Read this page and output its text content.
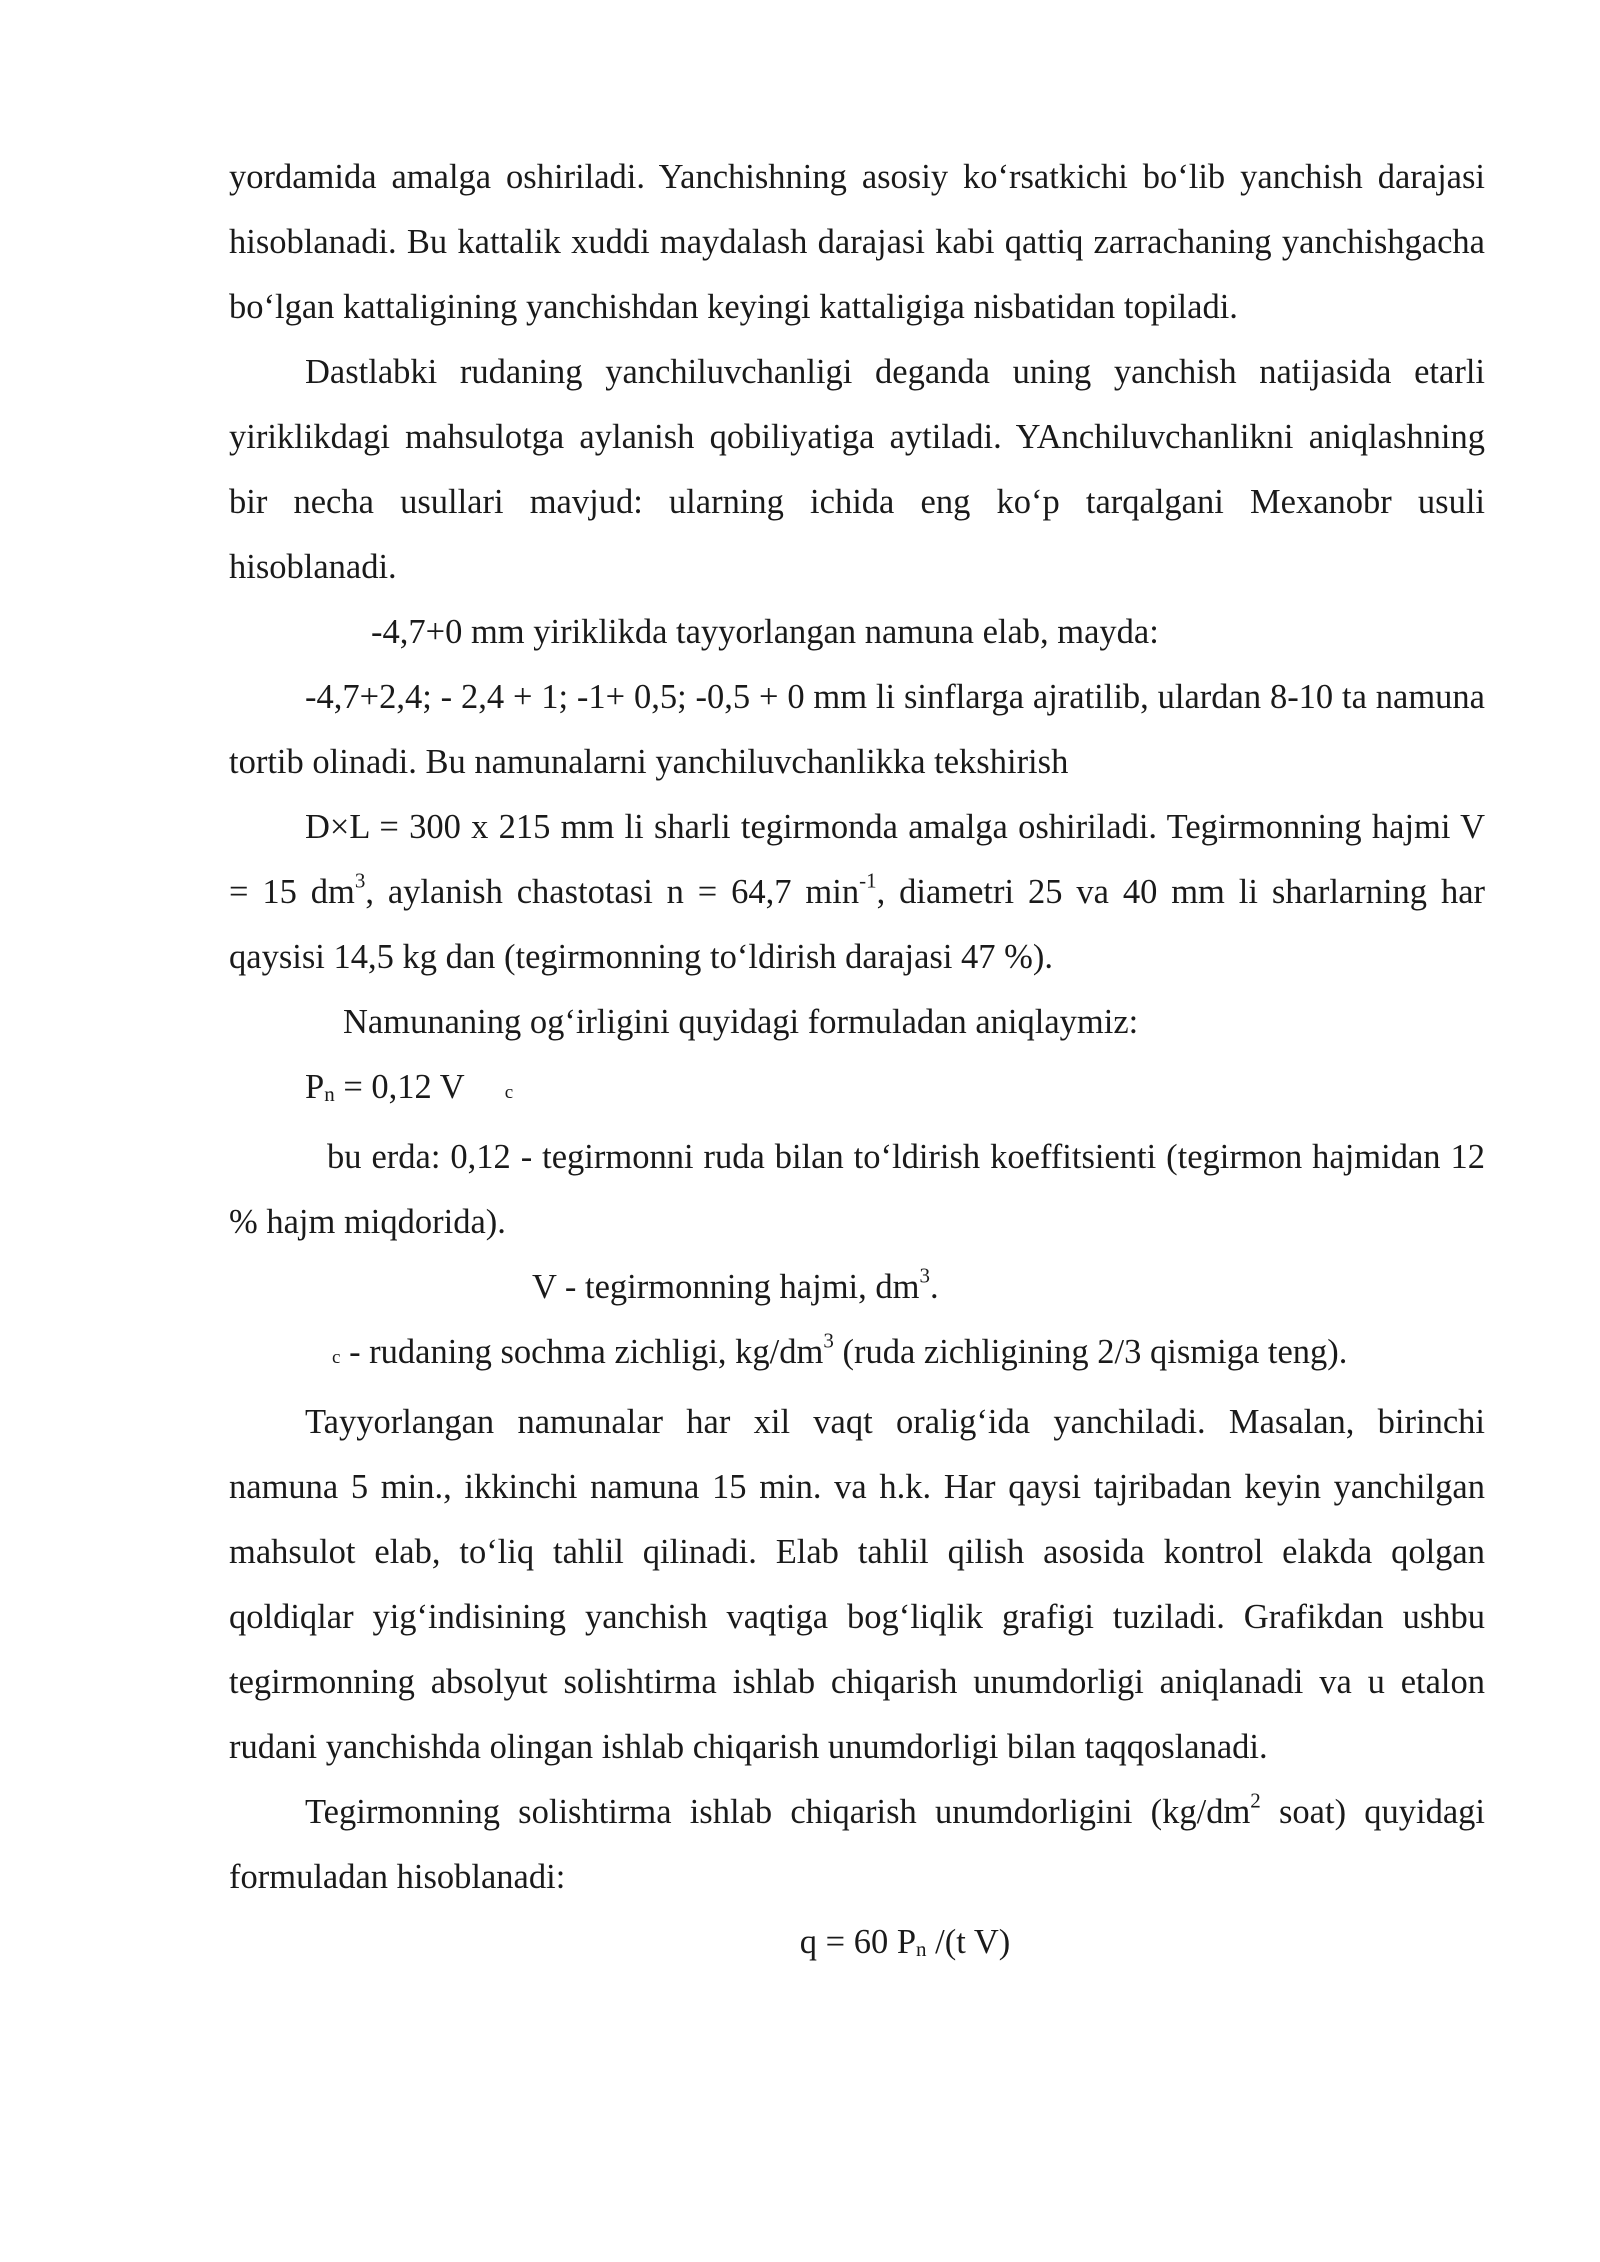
yordamida amalga oshiriladi. Yanchishning asosiy ko‘rsatkichi bo‘lib yanchish darajasi hisoblanadi. Bu kattalik xuddi maydalash darajasi kabi qattiq zarrachaning yanchishgacha bo‘lgan kattaligining yanchishdan keyingi kattaligiga nisbatidan topiladi.

Dastlabki rudaning yanchiluvchanligi deganda uning yanchish natijasida etarli yiriklikdagi mahsulotga aylanish qobiliyatiga aytiladi. YAnchiluvchanlikni aniqlashning bir necha usullari mavjud: ularning ichida eng ko‘p tarqalgani Mexanobr usuli hisoblanadi.

-4,7+0 mm yiriklikda tayyorlangan namuna elab, mayda:

-4,7+2,4; - 2,4 + 1; -1+ 0,5; -0,5 + 0 mm li sinflarga ajratilib, ulardan 8-10 ta namuna tortib olinadi. Bu namunalarni yanchiluvchanlikka tekshirish

D×L = 300 x 215 mm li sharli tegirmonda amalga oshiriladi. Tegirmonning hajmi V = 15 $dm^3$, aylanish chastotasi n = 64,7 $\min^{-1}$, diametri 25 va 40 mm li sharlarning har qaysisi 14,5 kg dan (tegirmonning to‘ldirish darajasi 47 %).

Namunaning og‘irligini quyidagi formuladan aniqlaymiz:

$P_n = 0,12$ V c

bu erda: 0,12 - tegirmonni ruda bilan to‘ldirish koeffitsienti (tegirmon hajmidan 12 % hajm miqdorida).

V - tegirmonning hajmi, $dm^3$.

c - rudaning sochma zichligi, $kg/dm^3$ (ruda zichligining 2/3 qismiga teng).

Tayyorlangan namunalar har xil vaqt oralig‘ida yanchiladi. Masalan, birinchi namuna 5 min., ikkinchi namuna 15 min. va h.k. Har qaysi tajribadan keyin yanchilgan mahsulot elab, to‘liq tahlil qilinadi. Elab tahlil qilish asosida kontrol elakda qolgan qoldiqlar yig‘indisining yanchish vaqtiga bog‘liqlik grafigi tuziladi. Grafikdan ushbu tegirmonning absolyut solishtirma ishlab chiqarish unumdorligi aniqlanadi va u etalon rudani yanchishda olingan ishlab chiqarish unumdorligi bilan taqqoslanadi.

Tegirmonning solishtirma ishlab chiqarish unumdorligini ($kg/dm^2$ soat) quyidagi formuladan hisoblanadi:

q = 60 $P_n$ /(t V)
